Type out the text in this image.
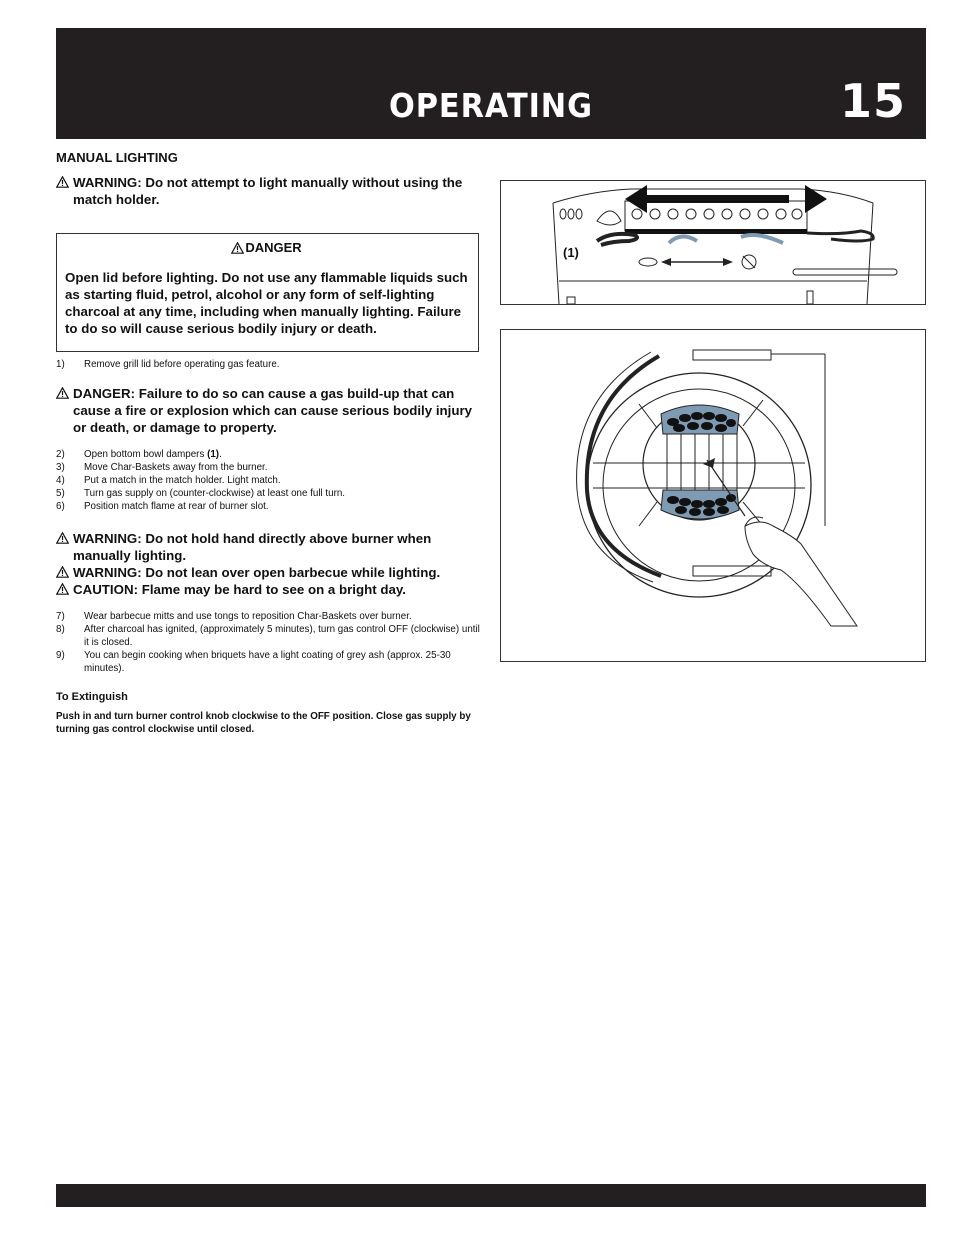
OPERATING	15

MANUAL LIGHTING

WARNING: Do not attempt to light manually without using the match holder.

DANGER

Open lid before lighting. Do not use any flammable liquids such as starting fluid, petrol, alcohol or any form of self-lighting charcoal at any time, including when manually lighting. Failure to do so will cause serious bodily injury or death.

1) Remove grill lid before operating gas feature.

DANGER: Failure to do so can cause a gas build-up that can cause a fire or explosion which can cause serious bodily injury or death, or damage to property.

2) Open bottom bowl dampers (1).
3) Move Char-Baskets away from the burner.
4) Put a match in the match holder. Light match.
5) Turn gas supply on (counter-clockwise) at least one full turn.
6) Position match flame at rear of burner slot.

WARNING: Do not hold hand directly above burner when manually lighting.

WARNING: Do not lean over open barbecue while lighting.

CAUTION: Flame may be hard to see on a bright day.

7) Wear barbecue mitts and use tongs to reposition Char-Baskets over burner.
8) After charcoal has ignited, (approximately 5 minutes), turn gas control OFF (clockwise) until it is closed.
9) You can begin cooking when briquets have a light coating of grey ash (approx. 25-30 minutes).

To Extinguish

Push in and turn burner control knob clockwise to the OFF position. Close gas supply by turning gas control clockwise until closed.

(1)
